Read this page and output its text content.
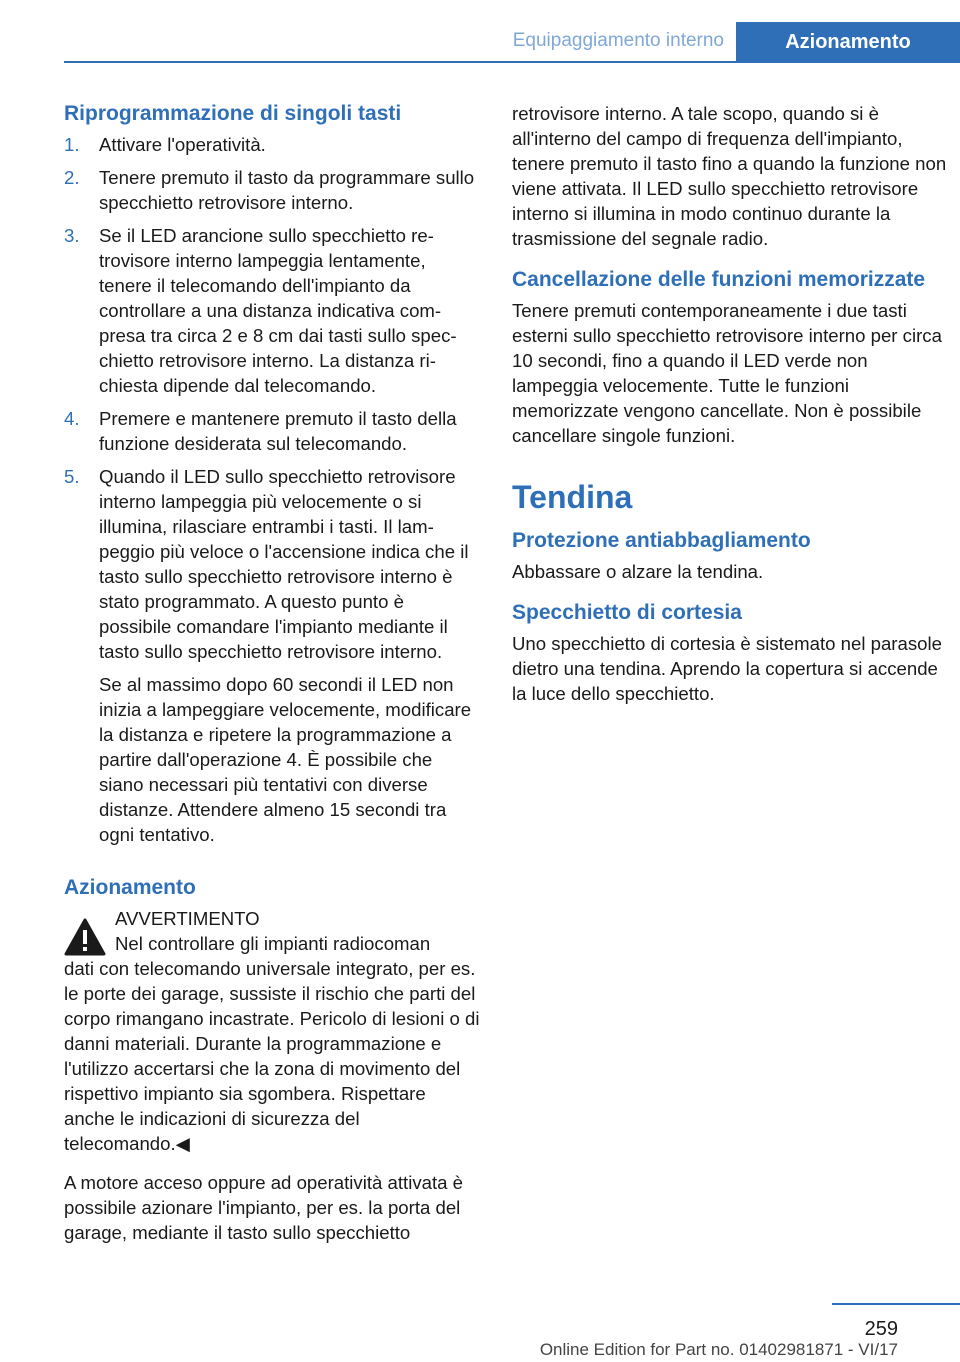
Equipaggiamento interno	Azionamento
Riprogrammazione di singoli tasti
1. Attivare l'operatività.
2. Tenere premuto il tasto da programmare sullo specchietto retrovisore interno.
3. Se il LED arancione sullo specchietto retrovisore interno lampeggia lentamente, tenere il telecomando dell'impianto da controllare a una distanza indicativa compresa tra circa 2 e 8 cm dai tasti sullo specchietto retrovisore interno. La distanza richiesta dipende dal telecomando.
4. Premere e mantenere premuto il tasto della funzione desiderata sul telecomando.
5. Quando il LED sullo specchietto retrovisore interno lampeggia più velocemente o si illumina, rilasciare entrambi i tasti. Il lampeggio più veloce o l'accensione indica che il tasto sullo specchietto retrovisore interno è stato programmato. A questo punto è possibile comandare l'impianto mediante il tasto sullo specchietto retrovisore interno.
Se al massimo dopo 60 secondi il LED non inizia a lampeggiare velocemente, modificare la distanza e ripetere la programmazione a partire dall'operazione 4. È possibile che siano necessari più tentativi con diverse distanze. Attendere almeno 15 secondi tra ogni tentativo.
Azionamento
AVVERTIMENTO

Nel controllare gli impianti radiocoman

dati con telecomando universale integrato, per es. le porte dei garage, sussiste il rischio che parti del corpo rimangano incastrate. Pericolo di lesioni o di danni materiali. Durante la programmazione e l'utilizzo accertarsi che la zona di movimento del rispettivo impianto sia sgombera. Rispettare anche le indicazioni di sicurezza del telecomando.◀

A motore acceso oppure ad operatività attivata è possibile azionare l'impianto, per es. la porta del garage, mediante il tasto sullo specchietto

retrovisore interno. A tale scopo, quando si è all'interno del campo di frequenza dell'impianto, tenere premuto il tasto fino a quando la funzione non viene attivata. Il LED sullo specchietto retrovisore interno si illumina in modo continuo durante la trasmissione del segnale radio.

Cancellazione delle funzioni memorizzate

Tenere premuti contemporaneamente i due tasti esterni sullo specchietto retrovisore interno per circa 10 secondi, fino a quando il LED verde non lampeggia velocemente. Tutte le funzioni memorizzate vengono cancellate. Non è possibile cancellare singole funzioni.

Tendina
Protezione antiabbagliamento

Abbassare o alzare la tendina.

Specchietto di cortesia

Uno specchietto di cortesia è sistemato nel parasole dietro una tendina. Aprendo la copertura si accende la luce dello specchietto.

259
Online Edition for Part no. 01402981871 - VI/17
